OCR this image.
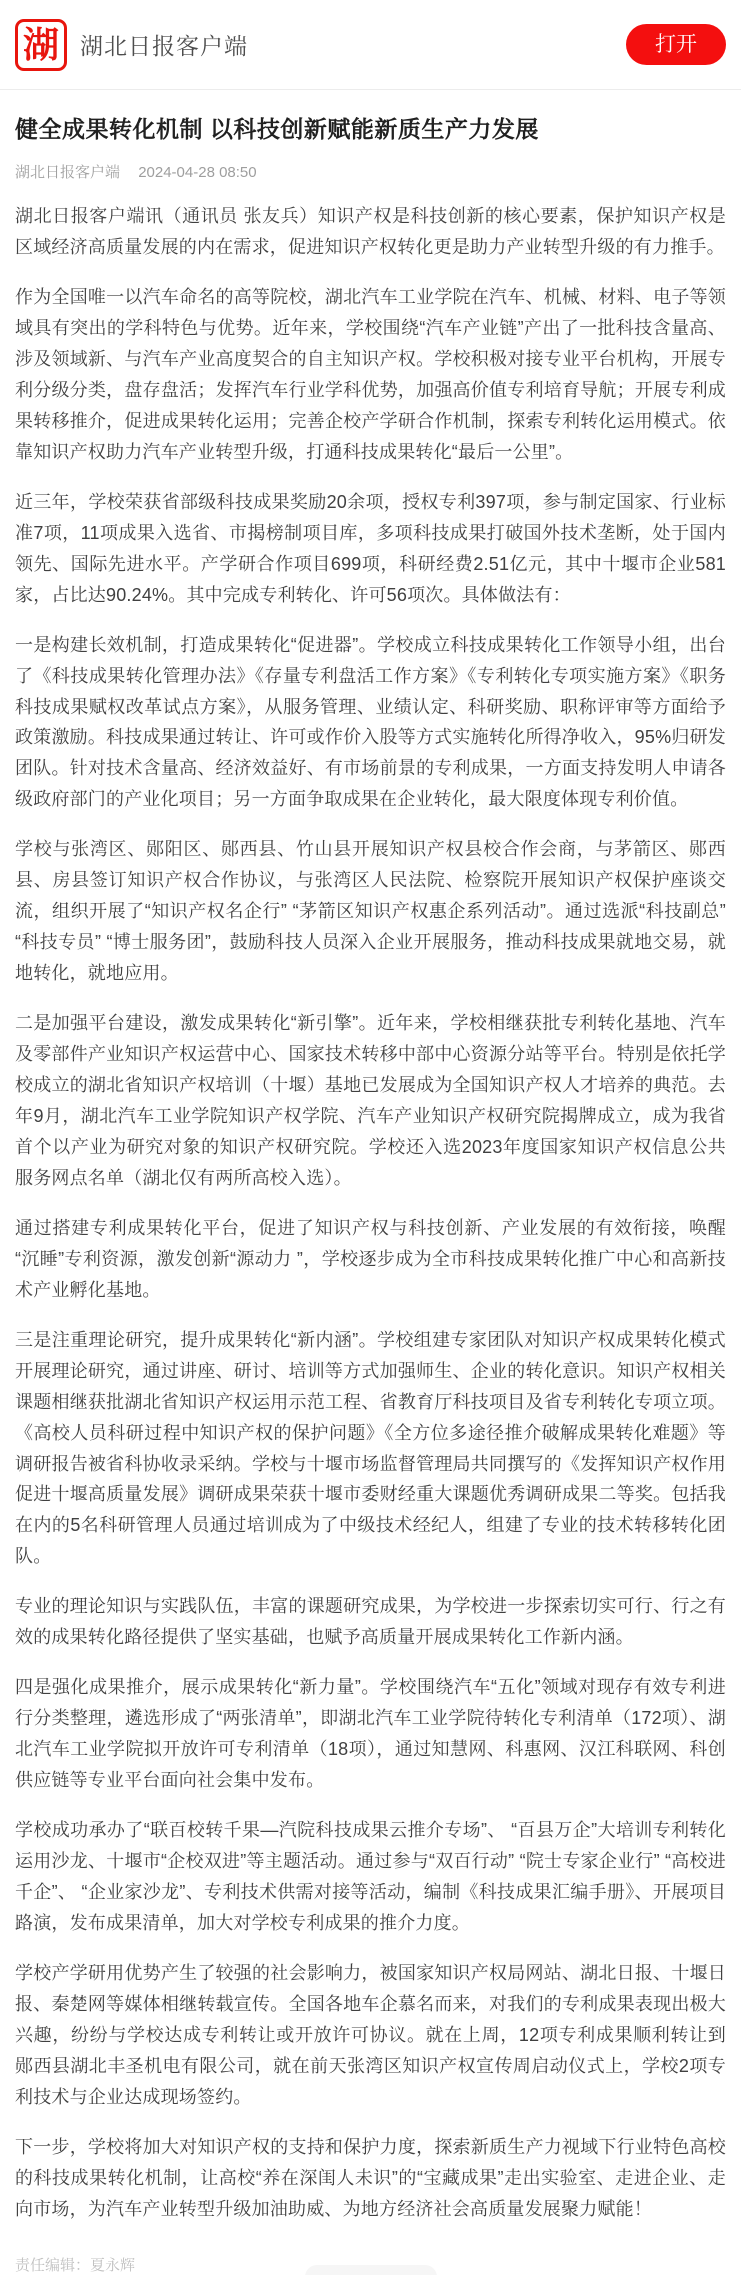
湖 湖北日报客户端	打开
健全成果转化机制 以科技创新赋能新质生产力发展
湖北日报客户端 2024-04-28 08:50

湖北日报客户端讯（通讯员 张友兵）知识产权是科技创新的核心要素，保护知识产权是区域经济高质量发展的内在需求，促进知识产权转化更是助力产业转型升级的有力推手。

作为全国唯一以汽车命名的高等院校，湖北汽车工业学院在汽车、机械、材料、电子等领域具有突出的学科特色与优势。近年来，学校围绕“汽车产业链”产出了一批科技含量高、涉及领域新、与汽车产业高度契合的自主知识产权。学校积极对接专业平台机构，开展专利分级分类，盘存盘活；发挥汽车行业学科优势，加强高价值专利培育导航；开展专利成果转移推介，促进成果转化运用；完善企校产学研合作机制，探索专利转化运用模式。依靠知识产权助力汽车产业转型升级，打通科技成果转化“最后一公里”。

近三年，学校荣获省部级科技成果奖励20余项，授权专利397项，参与制定国家、行业标准7项，11项成果入选省、市揭榜制项目库，多项科技成果打破国外技术垄断，处于国内领先、国际先进水平。产学研合作项目699项，科研经费2.51亿元，其中十堰市企业581家，占比达90.24%。其中完成专利转化、许可56项次。具体做法有：

一是构建长效机制，打造成果转化“促进器”。学校成立科技成果转化工作领导小组，出台了《科技成果转化管理办法》《存量专利盘活工作方案》《专利转化专项实施方案》《职务科技成果赋权改革试点方案》，从服务管理、业绩认定、科研奖励、职称评审等方面给予政策激励。科技成果通过转让、许可或作价入股等方式实施转化所得净收入，95%归研发团队。针对技术含量高、经济效益好、有市场前景的专利成果，一方面支持发明人申请各级政府部门的产业化项目；另一方面争取成果在企业转化，最大限度体现专利价值。

学校与张湾区、郧阳区、郧西县、竹山县开展知识产权县校合作会商，与茅箭区、郧西县、房县签订知识产权合作协议，与张湾区人民法院、检察院开展知识产权保护座谈交流，组织开展了“知识产权名企行” “茅箭区知识产权惠企系列活动”。通过选派“科技副总” “科技专员” “博士服务团”，鼓励科技人员深入企业开展服务，推动科技成果就地交易，就地转化，就地应用。

二是加强平台建设，激发成果转化“新引擎”。近年来，学校相继获批专利转化基地、汽车及零部件产业知识产权运营中心、国家技术转移中部中心资源分站等平台。特别是依托学校成立的湖北省知识产权培训（十堰）基地已发展成为全国知识产权人才培养的典范。去年9月，湖北汽车工业学院知识产权学院、汽车产业知识产权研究院揭牌成立，成为我省首个以产业为研究对象的知识产权研究院。学校还入选2023年度国家知识产权信息公共服务网点名单（湖北仅有两所高校入选）。

通过搭建专利成果转化平台，促进了知识产权与科技创新、产业发展的有效衔接，唤醒“沉睡”专利资源，激发创新“源动力 ”，学校逐步成为全市科技成果转化推广中心和高新技术产业孵化基地。

三是注重理论研究，提升成果转化“新内涵”。学校组建专家团队对知识产权成果转化模式开展理论研究，通过讲座、研讨、培训等方式加强师生、企业的转化意识。知识产权相关课题相继获批湖北省知识产权运用示范工程、省教育厅科技项目及省专利转化专项立项。《高校人员科研过程中知识产权的保护问题》《全方位多途径推介破解成果转化难题》等调研报告被省科协收录采纳。学校与十堰市场监督管理局共同撰写的《发挥知识产权作用促进十堰高质量发展》调研成果荣获十堰市委财经重大课题优秀调研成果二等奖。包括我在内的5名科研管理人员通过培训成为了中级技术经纪人，组建了专业的技术转移转化团队。

专业的理论知识与实践队伍，丰富的课题研究成果，为学校进一步探索切实可行、行之有效的成果转化路径提供了坚实基础，也赋予高质量开展成果转化工作新内涵。

四是强化成果推介，展示成果转化“新力量”。学校围绕汽车“五化”领域对现存有效专利进行分类整理，遴选形成了“两张清单”，即湖北汽车工业学院待转化专利清单（172项）、湖北汽车工业学院拟开放许可专利清单（18项），通过知慧网、科惠网、汉江科联网、科创供应链等专业平台面向社会集中发布。

学校成功承办了“联百校转千果—汽院科技成果云推介专场”、 “百县万企”大培训专利转化运用沙龙、十堰市“企校双进”等主题活动。通过参与“双百行动” “院士专家企业行” “高校进千企”、 “企业家沙龙”、专利技术供需对接等活动，编制《科技成果汇编手册》、开展项目路演，发布成果清单，加大对学校专利成果的推介力度。

学校产学研用优势产生了较强的社会影响力，被国家知识产权局网站、湖北日报、十堰日报、秦楚网等媒体相继转载宣传。全国各地车企慕名而来，对我们的专利成果表现出极大兴趣，纷纷与学校达成专利转让或开放许可协议。就在上周，12项专利成果顺利转让到郧西县湖北丰圣机电有限公司，就在前天张湾区知识产权宣传周启动仪式上，学校2项专利技术与企业达成现场签约。

下一步，学校将加大对知识产权的支持和保护力度，探索新质生产力视域下行业特色高校的科技成果转化机制，让高校“养在深闺人未识”的“宝藏成果”走出实验室、走进企业、走向市场，为汽车产业转型升级加油助威、为地方经济社会高质量发展聚力赋能！

责任编辑：夏永辉
